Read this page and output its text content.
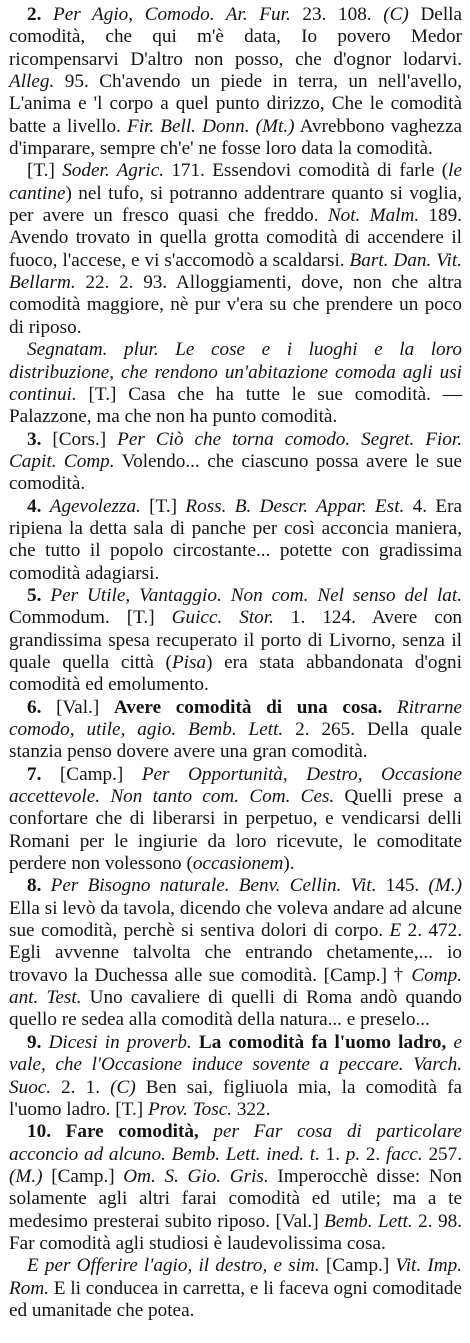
2. Per Agio, Comodo. Ar. Fur. 23. 108. (C) Della comodità, che qui m'è data, Io povero Medor ricompensarvi D'altro non posso, che d'ognor lodarvi. Alleg. 95. Ch'avendo un piede in terra, un nell'avello, L'anima e 'l corpo a quel punto dirizzo, Che le comodità batte a livello. Fir. Bell. Donn. (Mt.) Avrebbono vaghezza d'imparare, sempre ch'e' ne fosse loro data la comodità.

[T.] Soder. Agric. 171. Essendovi comodità di farle (le cantine) nel tufo, si potranno addentrare quanto si voglia, per avere un fresco quasi che freddo. Not. Malm. 189. Avendo trovato in quella grotta comodità di accendere il fuoco, l'accese, e vi s'accomodò a scaldarsi. Bart. Dan. Vit. Bellarm. 22. 2. 93. Alloggiamenti, dove, non che altra comodità maggiore, nè pur v'era su che prendere un poco di riposo.

Segnatam. plur. Le cose e i luoghi e la loro distribuzione, che rendono un'abitazione comoda agli usi continui. [T.] Casa che ha tutte le sue comodità. — Palazzone, ma che non ha punto comodità.

3. [Cors.] Per Ciò che torna comodo. Segret. Fior. Capit. Comp. Volendo... che ciascuno possa avere le sue comodità.

4. Agevolezza. [T.] Ross. B. Descr. Appar. Est. 4. Era ripiena la detta sala di panche per così acconcia maniera, che tutto il popolo circostante... potette con gradissima comodità adagiarsi.

5. Per Utile, Vantaggio. Non com. Nel senso del lat. Commodum. [T.] Guicc. Stor. 1. 124. Avere con grandissima spesa recuperato il porto di Livorno, senza il quale quella città (Pisa) era stata abbandonata d'ogni comodità ed emolumento.

6. [Val.] Avere comodità di una cosa. Ritrarne comodo, utile, agio. Bemb. Lett. 2. 265. Della quale stanzia penso dovere avere una gran comodità.

7. [Camp.] Per Opportunità, Destro, Occasione accettevole. Non tanto com. Com. Ces. Quelli prese a confortare che di liberarsi in perpetuo, e vendicarsi delli Romani per le ingiurie da loro ricevute, le comoditate perdere non volessono (occasionem).

8. Per Bisogno naturale. Benv. Cellin. Vit. 145. (M.) Ella si levò da tavola, dicendo che voleva andare ad alcune sue comodità, perchè si sentiva dolori di corpo. E 2. 472. Egli avvenne talvolta che entrando chetamente,... io trovavo la Duchessa alle sue comodità. [Camp.] † Comp. ant. Test. Uno cavaliere di quelli di Roma andò quando quello re sedea alla comodità della natura... e preselo...

9. Dicesi in proverb. La comodità fa l'uomo ladro, e vale, che l'Occasione induce sovente a peccare. Varch. Suoc. 2. 1. (C) Ben sai, figliuola mia, la comodità fa l'uomo ladro. [T.] Prov. Tosc. 322.

10. Fare comodità, per Far cosa di particolare acconcio ad alcuno. Bemb. Lett. ined. t. 1. p. 2. facc. 257. (M.) [Camp.] Om. S. Gio. Gris. Imperocchè disse: Non solamente agli altri farai comodità ed utile; ma a te medesimo presterai subito riposo. [Val.] Bemb. Lett. 2. 98. Far comodità agli studiosi è laudevolissima cosa.

E per Offerire l'agio, il destro, e sim. [Camp.] Vit. Imp. Rom. E li conducea in carretta, e li faceva ogni comoditade ed umanitade che potea.
